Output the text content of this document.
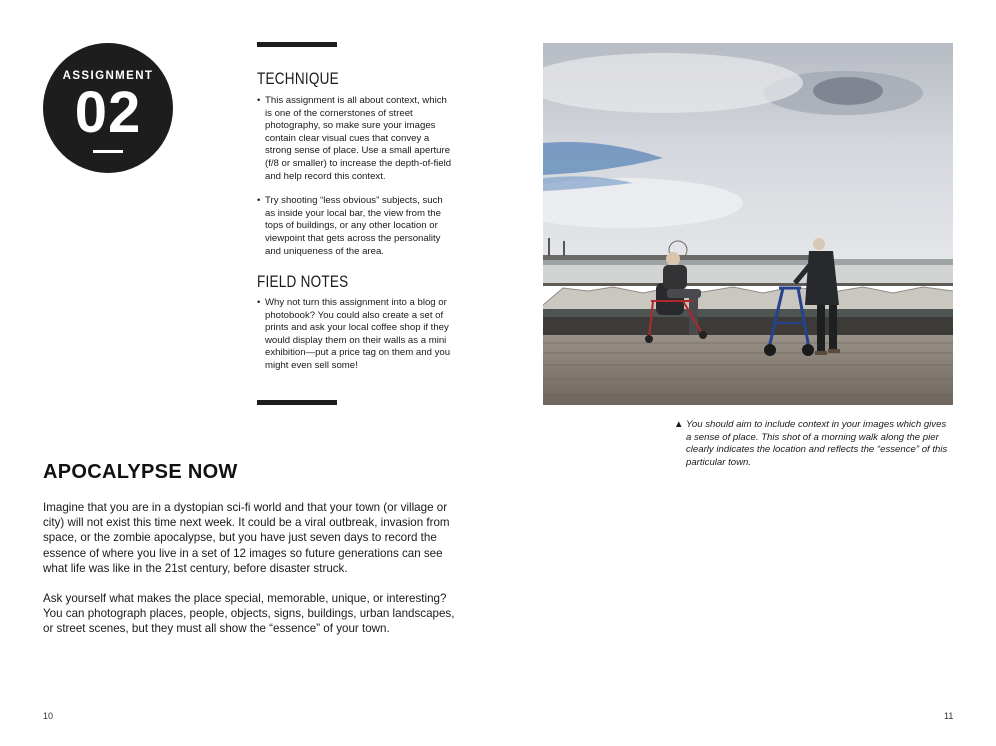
ASSIGNMENT
02
TECHNIQUE
• This assignment is all about context, which is one of the cornerstones of street photography, so make sure your images contain clear visual cues that convey a strong sense of place. Use a small aperture (f/8 or smaller) to increase the depth-of-field and help record this context.
• Try shooting “less obvious” subjects, such as inside your local bar, the view from the tops of buildings, or any other location or viewpoint that gets across the personality and uniqueness of the area.
FIELD NOTES
• Why not turn this assignment into a blog or photobook? You could also create a set of prints and ask your local coffee shop if they would display them on their walls as a mini exhibition—put a price tag on them and you might even sell some!
▲ You should aim to include context in your images which gives a sense of place. This shot of a morning walk along the pier clearly indicates the location and reflects the “essence” of this particular town.
APOCALYPSE NOW

Imagine that you are in a dystopian sci-fi world and that your town (or village or city) will not exist this time next week. It could be a viral outbreak, invasion from space, or the zombie apocalypse, but you have just seven days to record the essence of where you live in a set of 12 images so future generations can see what life was like in the 21st century, before disaster struck.

Ask yourself what makes the place special, memorable, unique, or interesting? You can photograph places, people, objects, signs, buildings, urban landscapes, or street scenes, but they must all show the “essence” of your town.

10	11
